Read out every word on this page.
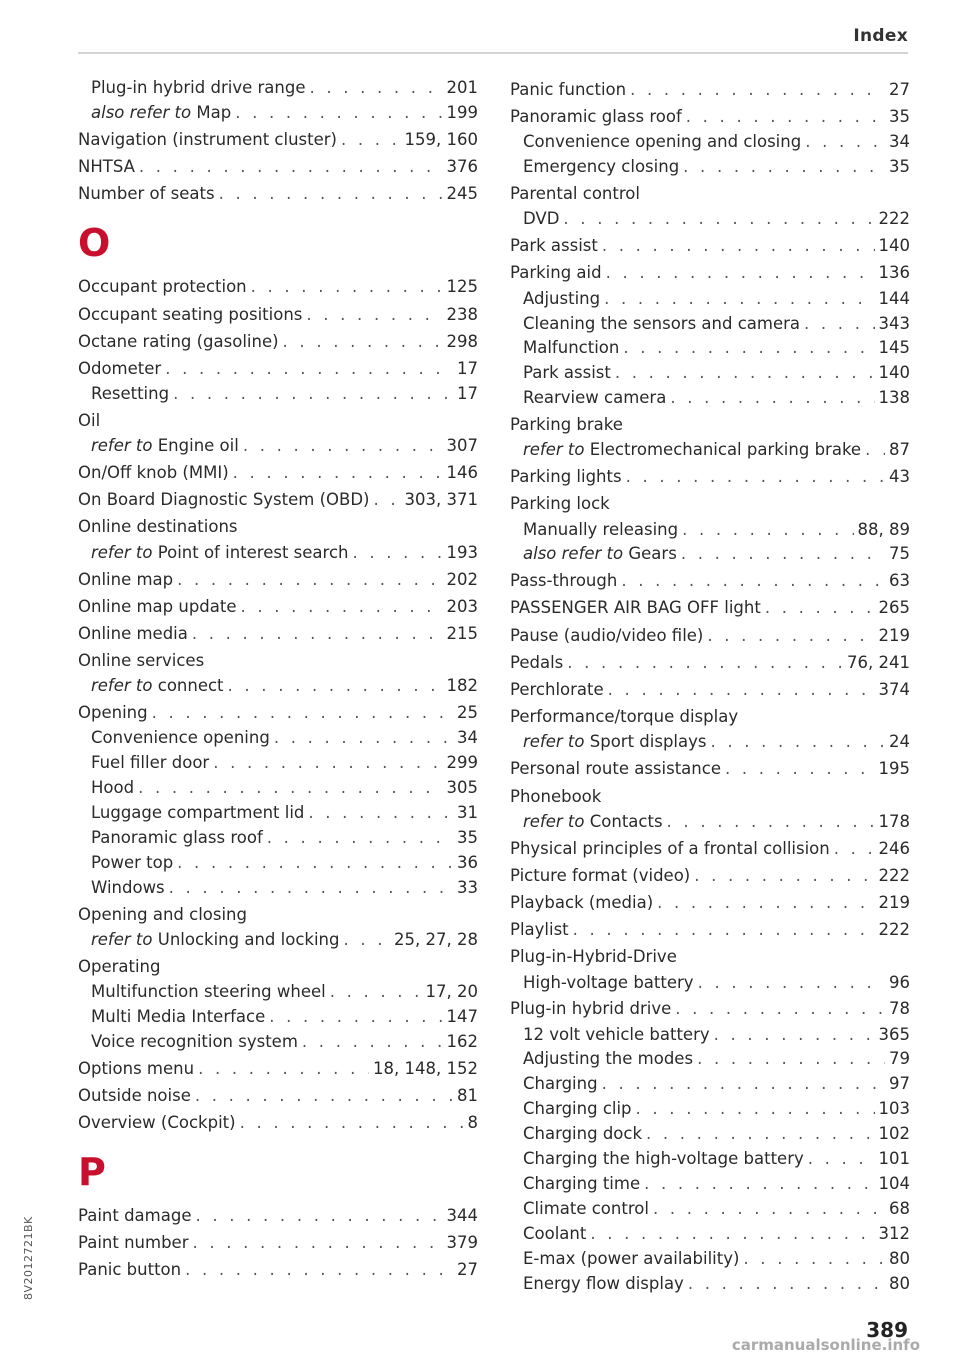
Index
Plug-in hybrid drive range . . .	201
also refer to Map . . .	199
Navigation (instrument cluster) . . .	159, 160
NHTSA . . .	376
Number of seats . . .	245
O
Occupant protection . . .	125
Occupant seating positions . . .	238
Octane rating (gasoline) . . .	298
Odometer . . .	17
Resetting . . .	17
Oil
refer to Engine oil . . .	307
On/Off knob (MMI) . . .	146
On Board Diagnostic System (OBD) . . . 303, 371
Online destinations
refer to Point of interest search . . .	193
Online map . . .	202
Online map update . . .	203
Online media . . .	215
Online services
refer to connect . . .	182
Opening . . .	25
Convenience opening . . .	34
Fuel filler door . . .	299
Hood . . .	305
Luggage compartment lid . . .	31
Panoramic glass roof . . .	35
Power top . . .	36
Windows . . .	33
Opening and closing
refer to Unlocking and locking . . .	25, 27, 28
Operating
Multifunction steering wheel . . .	17, 20
Multi Media Interface . . .	147
Voice recognition system . . .	162
Options menu . . .	18, 148, 152
Outside noise . . .	81
Overview (Cockpit) . . .	8
P
Paint damage . . .	344
Paint number . . .	379
Panic button . . .	27
Panic function . . .	27
Panoramic glass roof . . .	35
Convenience opening and closing . . .	34
Emergency closing . . .	35
Parental control
DVD . . .	222
Park assist . . .	140
Parking aid . . .	136
Adjusting . . .	144
Cleaning the sensors and camera . . .	343
Malfunction . . .	145
Park assist . . .	140
Rearview camera . . .	138
Parking brake
refer to Electromechanical parking brake . . . 87
Parking lights . . .	43
Parking lock
Manually releasing . . .	88, 89
also refer to Gears . . .	75
Pass-through . . .	63
PASSENGER AIR BAG OFF light . . .	265
Pause (audio/video file) . . .	219
Pedals . . .	76, 241
Perchlorate . . .	374
Performance/torque display
refer to Sport displays . . .	24
Personal route assistance . . .	195
Phonebook
refer to Contacts . . .	178
Physical principles of a frontal collision . . .	246
Picture format (video) . . .	222
Playback (media) . . .	219
Playlist . . .	222
Plug-in-Hybrid-Drive
High-voltage battery . . .	96
Plug-in hybrid drive . . .	78
12 volt vehicle battery . . .	365
Adjusting the modes . . .	79
Charging . . .	97
Charging clip . . .	103
Charging dock . . .	102
Charging the high-voltage battery . . .	101
Charging time . . .	104
Climate control . . .	68
Coolant . . .	312
E-max (power availability) . . .	80
Energy flow display . . .	80
8V2012721BK
389
carmanualsonline.info
